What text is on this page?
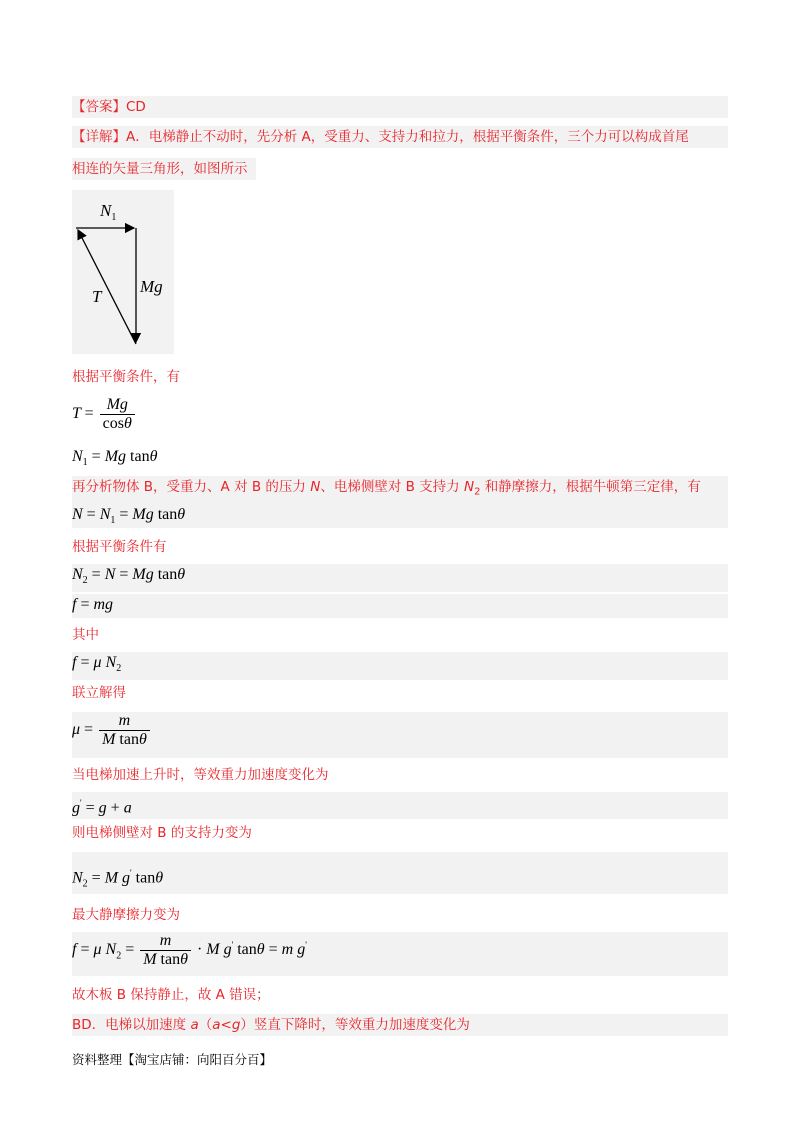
【答案】CD
【详解】A．电梯静止不动时，先分析 A，受重力、支持力和拉力，根据平衡条件，三个力可以构成首尾
相连的矢量三角形，如图所示
$N_1$
Mg
T
根据平衡条件，有
$T = \frac{Mg}{\cos\theta}$
$N_1 = Mg$ tanθ
再分析物体 B，受重力、A 对 B 的压力 N、电梯侧壁对 B 支持力 $N_2$ 和静摩擦力，根据牛顿第三定律，有
$N = N_1 = Mg$ tanθ
根据平衡条件有
$N_2 = N = Mg$ tanθ
f = mg
其中
f = μ $N_2$
联立解得
$\mu = \frac{m}{\text{M tanθ}}$
当电梯加速上升时，等效重力加速度变化为
g' = g + a
则电梯侧壁对 B 的支持力变为
$N_2 = M$ g' tanθ
最大静摩擦力变为
f = μ $N_2 = \frac{m}{\text{M tanθ}} \cdot M$ g' tanθ = m g'
故木板 B 保持静止，故 A 错误；
BD．电梯以加速度 a（a<g）竖直下降时，等效重力加速度变化为
资料整理【淘宝店铺：向阳百分百】
